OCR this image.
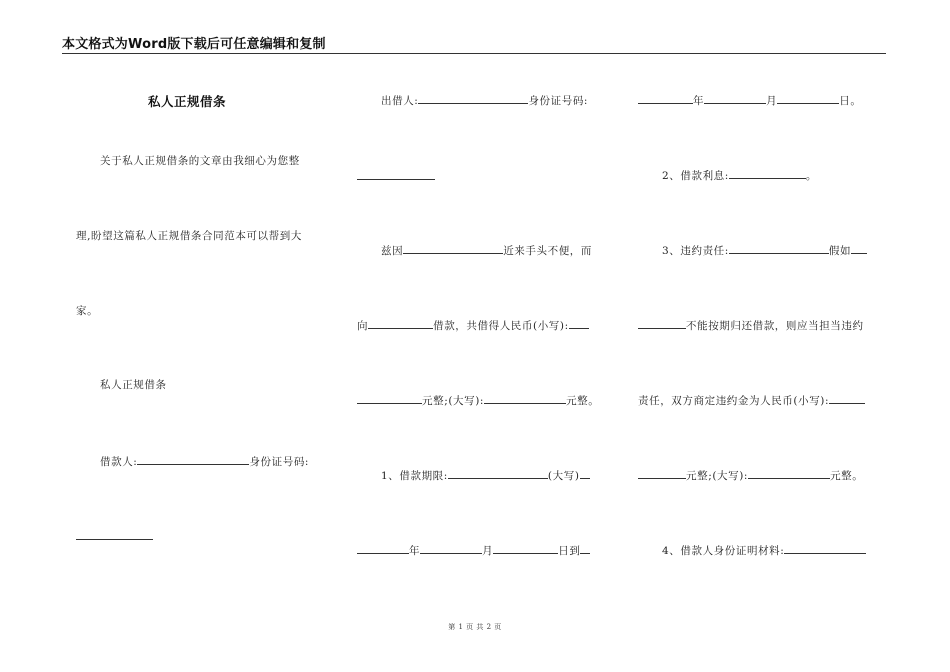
本文格式为Word版下载后可任意编辑和复制
私人正规借条
关于私人正规借条的文章由我细心为您整
理,盼望这篇私人正规借条合同范本可以帮到大
家。
私人正规借条
借款人:	身份证号码:
出借人:	身份证号码:
兹因	近来手头不便，而
向	借款，共借得人民币(小写):
元整;(大写):	元整。
1、借款期限:	(大写)
年	月	日到
年	月	日。
2、借款利息:	。
3、违约责任:	假如
不能按期归还借款，则应当担当违约
责任，双方商定违约金为人民币(小写):
元整;(大写):	元整。
4、借款人身份证明材料:
第 1 页 共 2 页
